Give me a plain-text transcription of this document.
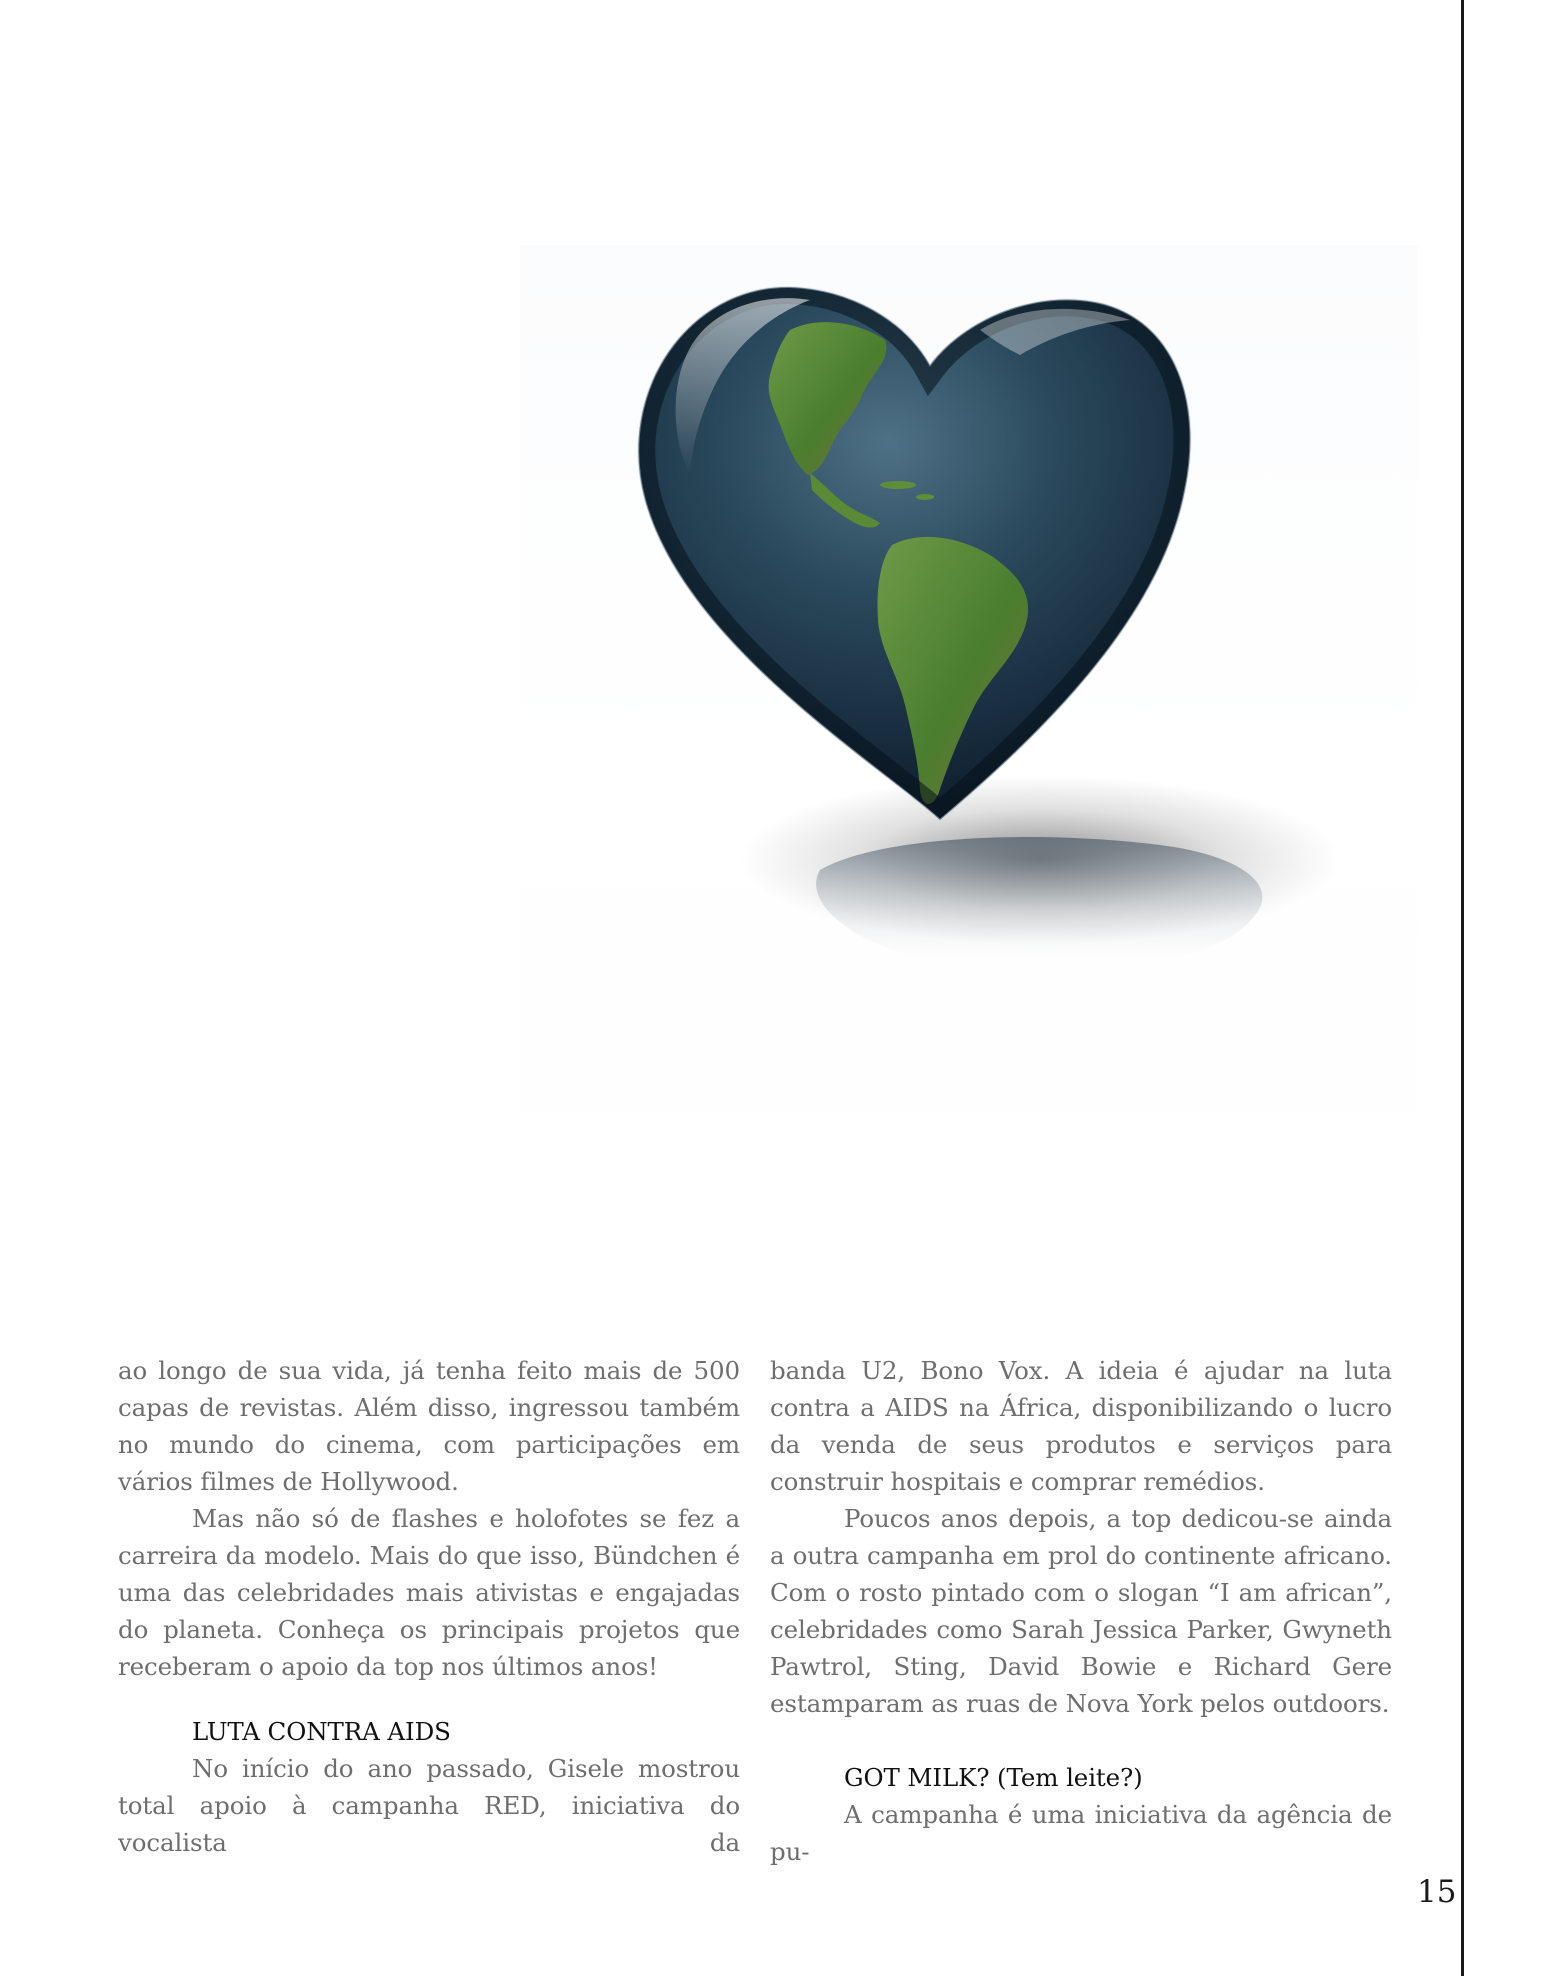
ao longo de sua vida, já tenha feito mais de 500 capas de revistas. Além disso, ingressou também no mundo do cinema, com participações em vários filmes de Hollywood.

Mas não só de flashes e holofotes se fez a carreira da modelo. Mais do que isso, Bündchen é uma das celebridades mais ativistas e engajadas do planeta. Conheça os principais projetos que receberam o apoio da top nos últimos anos!

LUTA CONTRA AIDS

No início do ano passado, Gisele mostrou total apoio à campanha RED, iniciativa do vocalista da

banda U2, Bono Vox. A ideia é ajudar na luta contra a AIDS na África, disponibilizando o lucro da venda de seus produtos e serviços para construir hospitais e comprar remédios.

Poucos anos depois, a top dedicou-se ainda a outra campanha em prol do continente africano. Com o rosto pintado com o slogan “I am african”, celebridades como Sarah Jessica Parker, Gwyneth Pawtrol, Sting, David Bowie e Richard Gere estamparam as ruas de Nova York pelos outdoors.

GOT MILK? (Tem leite?)

A campanha é uma iniciativa da agência de pu-

15
